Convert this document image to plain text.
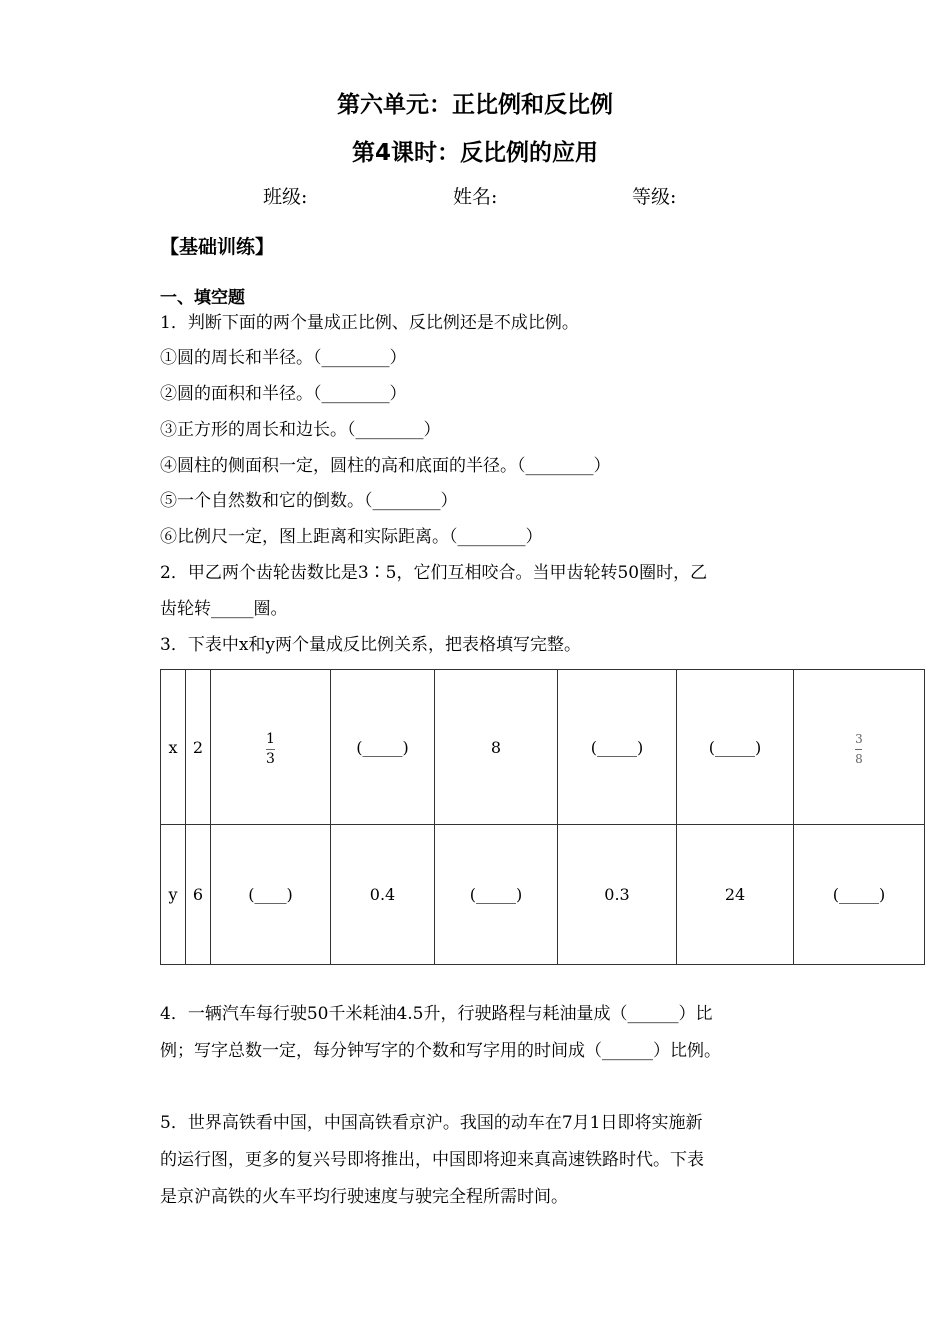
第六单元：正比例和反比例
第4课时：反比例的应用
班级:	姓名:	等级:
【基础训练】
一、填空题
1．判断下面的两个量成正比例、反比例还是不成比例。
①圆的周长和半径。（________）
②圆的面积和半径。（________）
③正方形的周长和边长。（________）
④圆柱的侧面积一定，圆柱的高和底面的半径。（________）
⑤一个自然数和它的倒数。（________）
⑥比例尺一定，图上距离和实际距离。（________）
2．甲乙两个齿轮齿数比是3∶5，它们互相咬合。当甲齿轮转50圈时，乙
齿轮转_____圈。
3．下表中x和y两个量成反比例关系，把表格填写完整。
x	2	$\frac{1}{3}$	(_____)	8	(_____)	(_____)	$\frac{3}{8}$

y	6	(____)	0.4	(_____)	0.3	24	(_____)
4．一辆汽车每行驶50千米耗油4.5升，行驶路程与耗油量成（______）比
例；写字总数一定，每分钟写字的个数和写字用的时间成（______）比例。
5．世界高铁看中国，中国高铁看京沪。我国的动车在7月1日即将实施新
的运行图，更多的复兴号即将推出，中国即将迎来真高速铁路时代。下表
是京沪高铁的火车平均行驶速度与驶完全程所需时间。
